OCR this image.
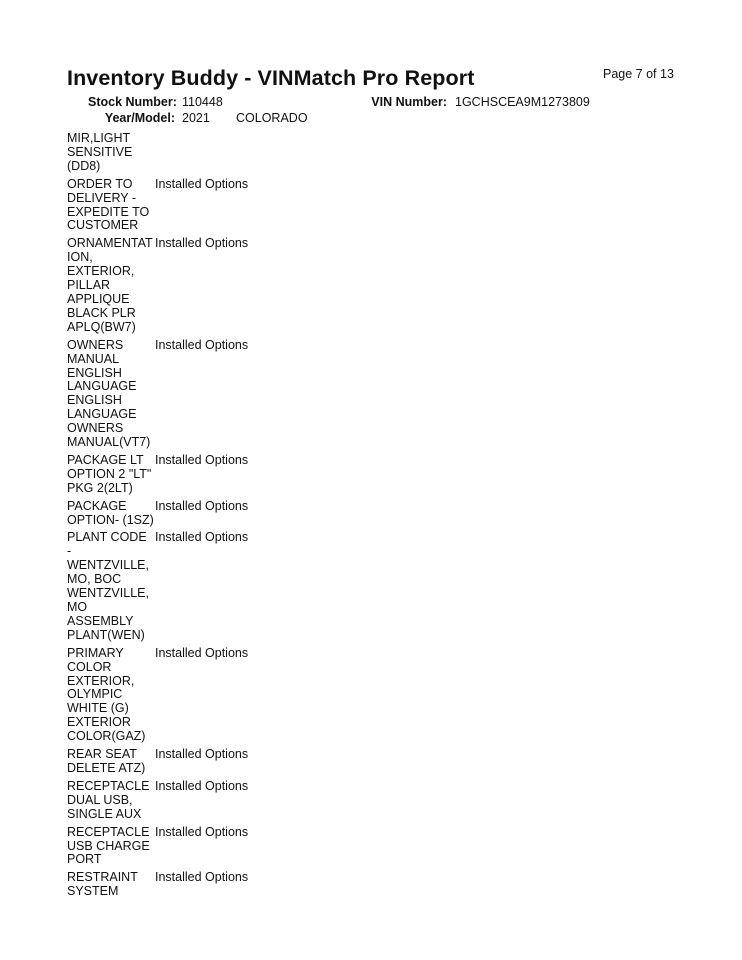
Inventory Buddy - VINMatch Pro Report	Page 7 of 13
Stock Number: 110448	VIN Number: 1GCHSCEA9M1273809
Year/Model: 2021 COLORADO
MIR,LIGHT SENSITIVE (DD8)
ORDER TO DELIVERY - EXPEDITE TO CUSTOMER
Installed Options
ORNAMENTAT ION, EXTERIOR, PILLAR APPLIQUE BLACK PLR APLQ(BW7)
Installed Options
OWNERS MANUAL ENGLISH LANGUAGE ENGLISH LANGUAGE OWNERS MANUAL(VT7)
Installed Options
PACKAGE LT OPTION 2 "LT" PKG 2(2LT)
Installed Options
PACKAGE OPTION- (1SZ)
Installed Options
PLANT CODE - WENTZVILLE, MO, BOC WENTZVILLE, MO ASSEMBLY PLANT(WEN)
Installed Options
PRIMARY COLOR EXTERIOR, OLYMPIC WHITE (G) EXTERIOR COLOR(GAZ)
Installed Options
REAR SEAT DELETE ATZ)
Installed Options
RECEPTACLE DUAL USB, SINGLE AUX
Installed Options
RECEPTACLE USB CHARGE PORT
Installed Options
RESTRAINT SYSTEM
Installed Options
